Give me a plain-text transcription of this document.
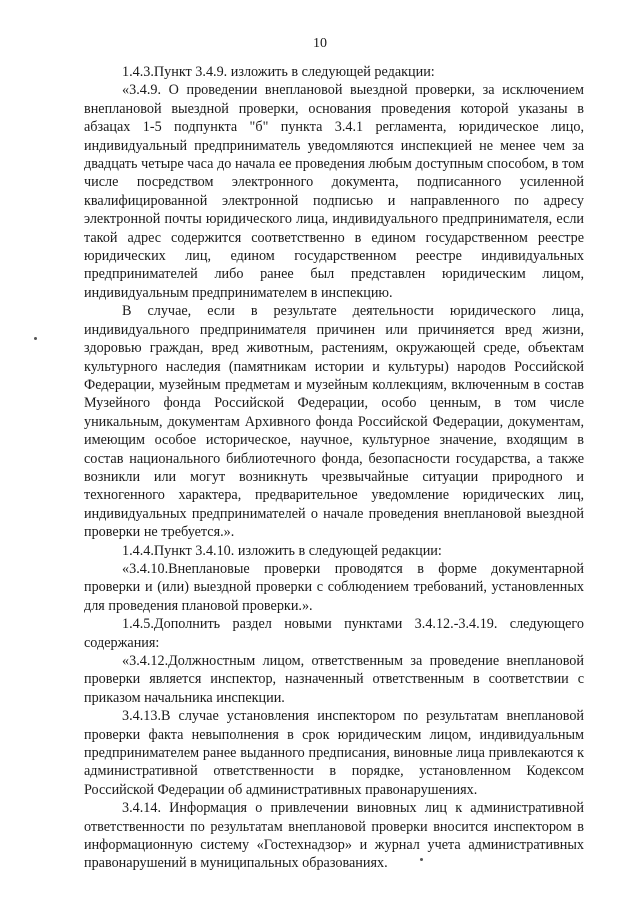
10

1.4.3.Пункт 3.4.9. изложить в следующей редакции:

«3.4.9. О проведении внеплановой выездной проверки, за исключением внеплановой выездной проверки, основания проведения которой указаны в абзацах 1-5 подпункта "б" пункта 3.4.1 регламента, юридическое лицо, индивидуальный предприниматель уведомляются инспекцией не менее чем за двадцать четыре часа до начала ее проведения любым доступным способом, в том числе посредством электронного документа, подписанного усиленной квалифицированной электронной подписью и направленного по адресу электронной почты юридического лица, индивидуального предпринимателя, если такой адрес содержится соответственно в едином государственном реестре юридических лиц, едином государственном реестре индивидуальных предпринимателей либо ранее был представлен юридическим лицом, индивидуальным предпринимателем в инспекцию.

В случае, если в результате деятельности юридического лица, индивидуального предпринимателя причинен или причиняется вред жизни, здоровью граждан, вред животным, растениям, окружающей среде, объектам культурного наследия (памятникам истории и культуры) народов Российской Федерации, музейным предметам и музейным коллекциям, включенным в состав Музейного фонда Российской Федерации, особо ценным, в том числе уникальным, документам Архивного фонда Российской Федерации, документам, имеющим особое историческое, научное, культурное значение, входящим в состав национального библиотечного фонда, безопасности государства, а также возникли или могут возникнуть чрезвычайные ситуации природного и техногенного характера, предварительное уведомление юридических лиц, индивидуальных предпринимателей о начале проведения внеплановой выездной проверки не требуется.».

1.4.4.Пункт 3.4.10. изложить в следующей редакции:

«3.4.10.Внеплановые проверки проводятся в форме документарной проверки и (или) выездной проверки с соблюдением требований, установленных для проведения плановой проверки.».

1.4.5.Дополнить раздел новыми пунктами 3.4.12.-3.4.19. следующего содержания:

«3.4.12.Должностным лицом, ответственным за проведение внеплановой проверки является инспектор, назначенный ответственным в соответствии с приказом начальника инспекции.

3.4.13.В случае установления инспектором по результатам внеплановой проверки факта невыполнения в срок юридическим лицом, индивидуальным предпринимателем ранее выданного предписания, виновные лица привлекаются к административной ответственности в порядке, установленном Кодексом Российской Федерации об административных правонарушениях.

3.4.14. Информация о привлечении виновных лиц к административной ответственности по результатам внеплановой проверки вносится инспектором в информационную систему «Гостехнадзор» и журнал учета административных правонарушений в муниципальных образованиях.
